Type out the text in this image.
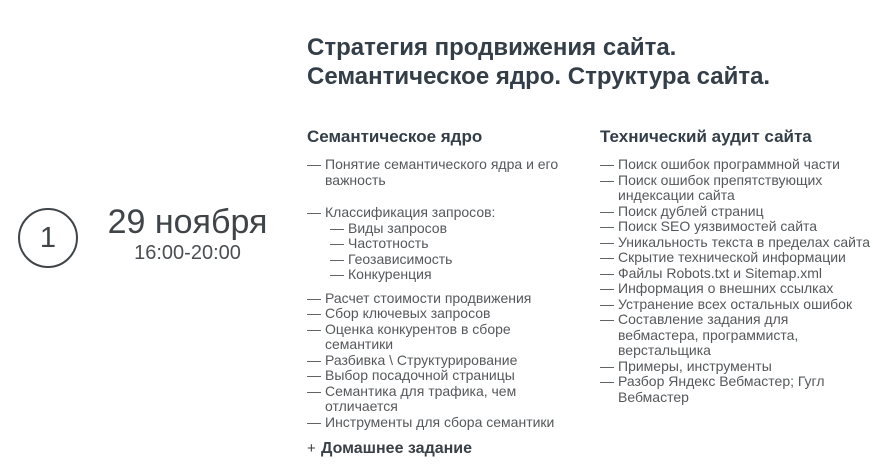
1	29 ноября
16:00-20:00
Стратегия продвижения сайта.
Семантическое ядро. Структура сайта.
Семантическое ядро
— Понятие семантического ядра и его важность
— Классификация запросов:
— Виды запросов
— Частотность
— Геозависимость
— Конкуренция
— Расчет стоимости продвижения
— Сбор ключевых запросов
— Оценка конкурентов в сборе семантики
— Разбивка \ Структурирование
— Выбор посадочной страницы
— Семантика для трафика, чем отличается
— Инструменты для сбора семантики
+ Домашнее задание
Технический аудит сайта
— Поиск ошибок программной части
— Поиск ошибок препятствующих индексации сайта
— Поиск дублей страниц
— Поиск SEO уязвимостей сайта
— Уникальность текста в пределах сайта
— Скрытие технической информации
— Файлы Robots.txt и Sitemap.xml
— Информация о внешних ссылках
— Устранение всех остальных ошибок
— Составление задания для вебмастера, программиста, верстальщика
— Примеры, инструменты
— Разбор Яндекс Вебмастер; Гугл Вебмастер
